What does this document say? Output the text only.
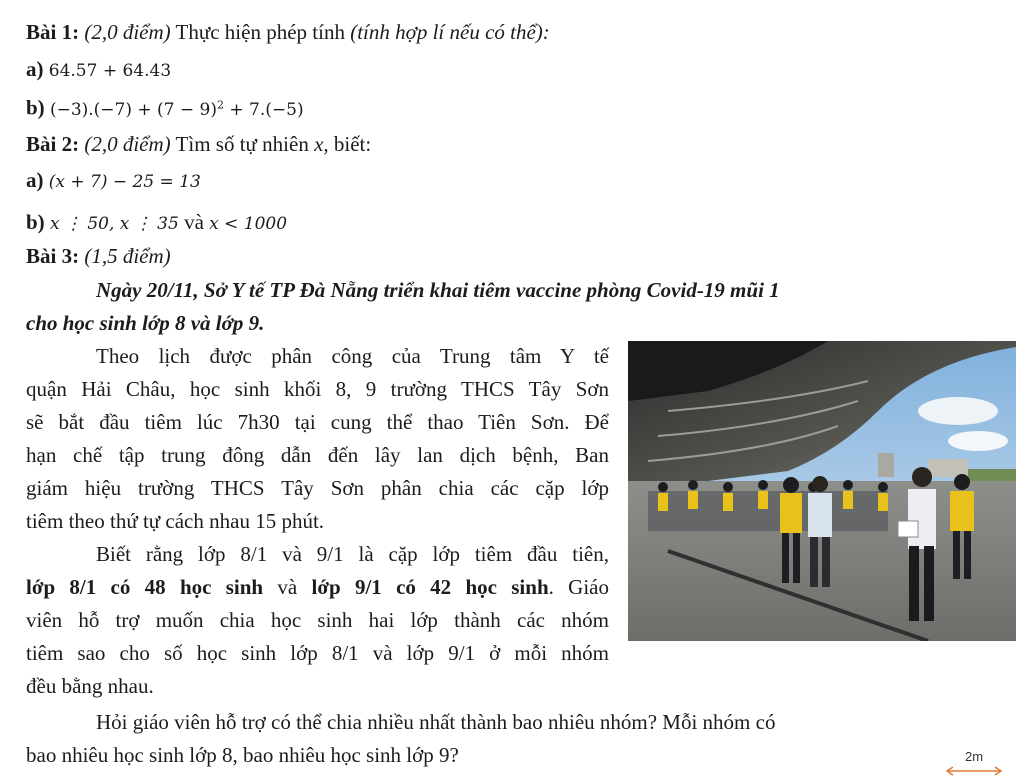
Bài 1: (2,0 điểm) Thực hiện phép tính (tính hợp lí nếu có thể):
a) 64.57 + 64.43
b) $(-3).(-7) + (7 - 9)^2 + 7.(-5)$
Bài 2: (2,0 điểm) Tìm số tự nhiên x, biết:
a) (x + 7) − 25 = 13
b) x ⋮ 50, x ⋮ 35 và x < 1000
Bài 3: (1,5 điểm)
Ngày 20/11, Sở Y tế TP Đà Nẵng triển khai tiêm vaccine phòng Covid-19 mũi 1
cho học sinh lớp 8 và lớp 9.
Theo lịch được phân công của Trung tâm Y tế
quận Hải Châu, học sinh khối 8, 9 trường THCS Tây Sơn
sẽ bắt đầu tiêm lúc 7h30 tại cung thể thao Tiên Sơn. Để
hạn chế tập trung đông dẫn đến lây lan dịch bệnh, Ban
giám hiệu trường THCS Tây Sơn phân chia các cặp lớp
tiêm theo thứ tự cách nhau 15 phút.
Biết rằng lớp 8/1 và 9/1 là cặp lớp tiêm đầu tiên,
lớp 8/1 có 48 học sinh và lớp 9/1 có 42 học sinh. Giáo
viên hỗ trợ muốn chia học sinh hai lớp thành các nhóm
tiêm sao cho số học sinh lớp 8/1 và lớp 9/1 ở mỗi nhóm
đều bằng nhau.
Hỏi giáo viên hỗ trợ có thể chia nhiều nhất thành bao nhiêu nhóm? Mỗi nhóm có
bao nhiêu học sinh lớp 8, bao nhiêu học sinh lớp 9?	2m
